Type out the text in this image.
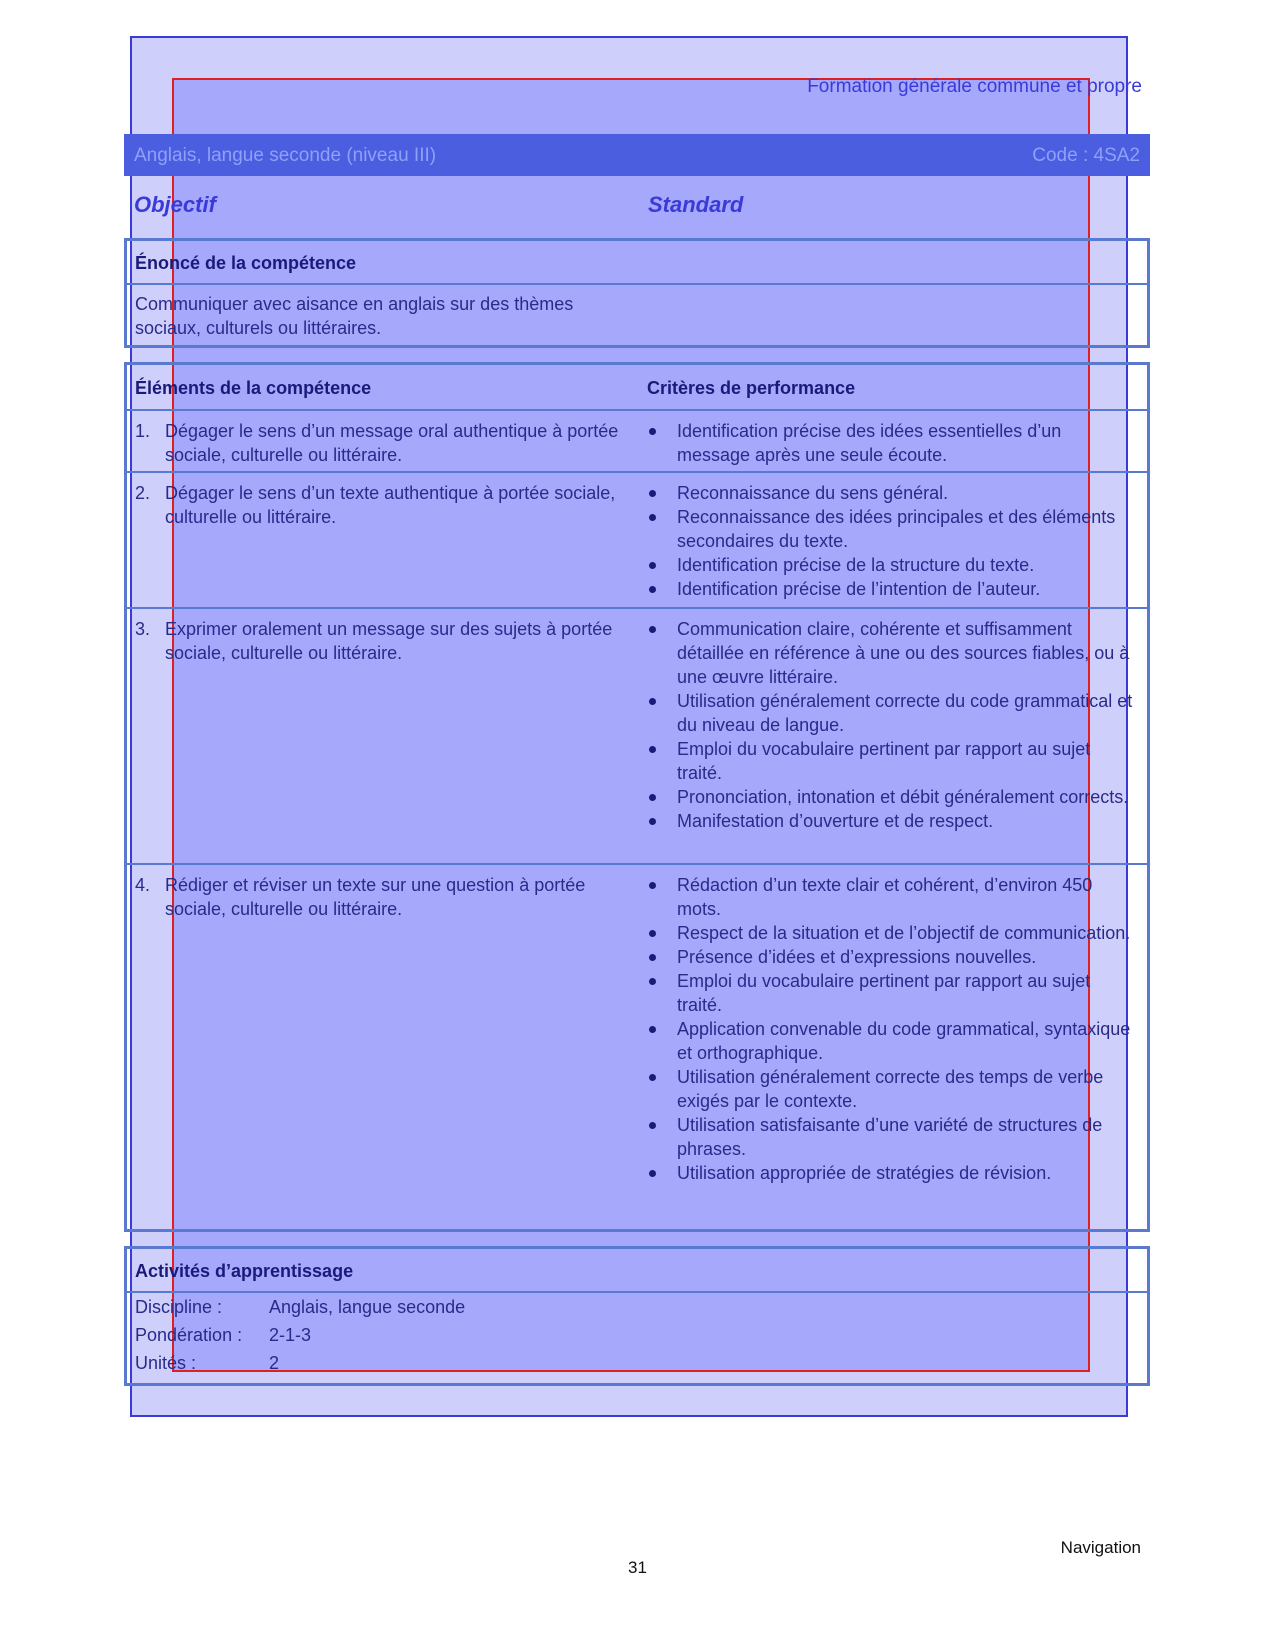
Formation générale commune et propre
Anglais, langue seconde (niveau III)	Code : 4SA2
Objectif	Standard
Énoncé de la compétence
Communiquer avec aisance en anglais sur des thèmes sociaux, culturels ou littéraires.
Éléments de la compétence	Critères de performance
1. Dégager le sens d’un message oral authentique à portée sociale, culturelle ou littéraire.
Identification précise des idées essentielles d’un message après une seule écoute.
2. Dégager le sens d’un texte authentique à portée sociale, culturelle ou littéraire.
Reconnaissance du sens général.
Reconnaissance des idées principales et des éléments secondaires du texte.
Identification précise de la structure du texte.
Identification précise de l’intention de l’auteur.
3. Exprimer oralement un message sur des sujets à portée sociale, culturelle ou littéraire.
Communication claire, cohérente et suffisamment détaillée en référence à une ou des sources fiables, ou à une œuvre littéraire.
Utilisation généralement correcte du code grammatical et du niveau de langue.
Emploi du vocabulaire pertinent par rapport au sujet traité.
Prononciation, intonation et débit généralement corrects.
Manifestation d’ouverture et de respect.
4. Rédiger et réviser un texte sur une question à portée sociale, culturelle ou littéraire.
Rédaction d’un texte clair et cohérent, d’environ 450 mots.
Respect de la situation et de l’objectif de communication.
Présence d’idées et d’expressions nouvelles.
Emploi du vocabulaire pertinent par rapport au sujet traité.
Application convenable du code grammatical, syntaxique et orthographique.
Utilisation généralement correcte des temps de verbe exigés par le contexte.
Utilisation satisfaisante d’une variété de structures de phrases.
Utilisation appropriée de stratégies de révision.
Activités d’apprentissage
Discipline :	Anglais, langue seconde
Pondération : 2-1-3
Unités :	2
Navigation
31
